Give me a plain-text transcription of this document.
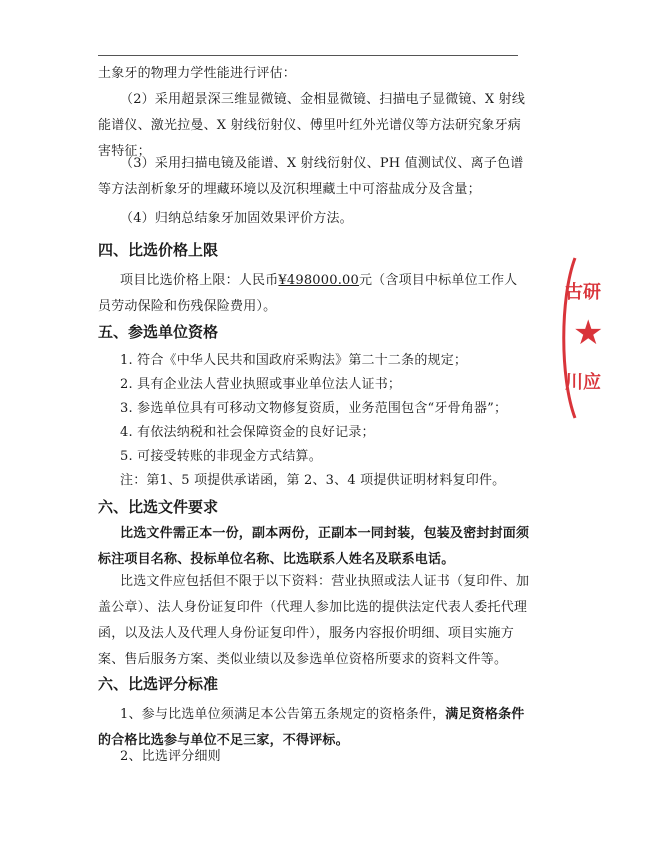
土象牙的物理力学性能进行评估：
（2）采用超景深三维显微镜、金相显微镜、扫描电子显微镜、X 射线能谱仪、激光拉曼、X 射线衍射仪、傅里叶红外光谱仪等方法研究象牙病害特征；
（3）采用扫描电镜及能谱、X 射线衍射仪、PH 值测试仪、离子色谱等方法剖析象牙的埋藏环境以及沉积埋藏土中可溶盐成分及含量；
（4）归纳总结象牙加固效果评价方法。
四、比选价格上限
项目比选价格上限：人民币¥498000.00元（含项目中标单位工作人员劳动保险和伤残保险费用）。
五、参选单位资格
1. 符合《中华人民共和国政府采购法》第二十二条的规定；
2. 具有企业法人营业执照或事业单位法人证书；
3. 参选单位具有可移动文物修复资质，业务范围包含“牙骨角器”；
4. 有依法纳税和社会保障资金的良好记录；
5. 可接受转账的非现金方式结算。
注：第1、5 项提供承诺函，第 2、3、4 项提供证明材料复印件。
六、比选文件要求
比选文件需正本一份，副本两份，正副本一同封装，包装及密封封面须标注项目名称、投标单位名称、比选联系人姓名及联系电话。
比选文件应包括但不限于以下资料：营业执照或法人证书（复印件、加盖公章）、法人身份证复印件（代理人参加比选的提供法定代表人委托代理函，以及法人及代理人身份证复印件），服务内容报价明细、项目实施方案、售后服务方案、类似业绩以及参选单位资格所要求的资料文件等。
六、比选评分标准
1、参与比选单位须满足本公告第五条规定的资格条件，满足资格条件的合格比选参与单位不足三家，不得评标。
2、比选评分细则
古研
★
川应
